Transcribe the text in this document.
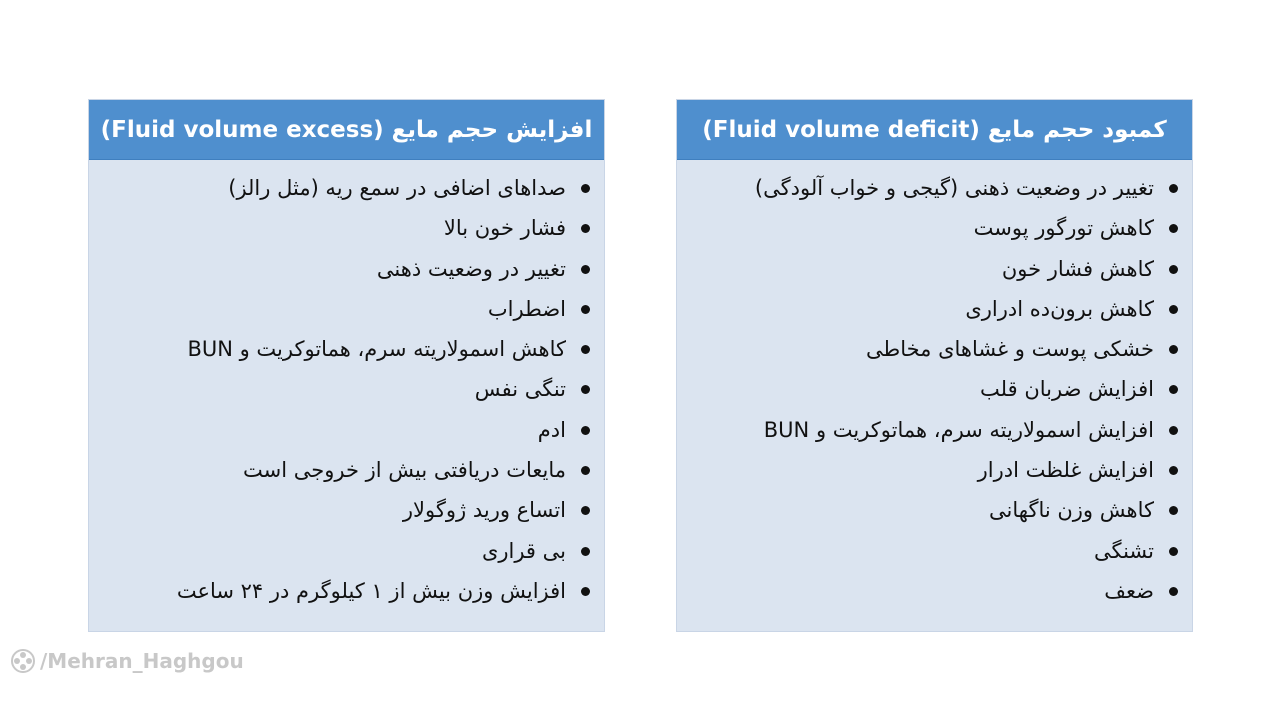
افزایش حجم مایع (Fluid volume excess)
صداهای اضافی در سمع ریه (مثل رالز)
فشار خون بالا
تغییر در وضعیت ذهنی
اضطراب
کاهش اسمولاریته سرم، هماتوکریت و BUN
تنگی نفس
ادم
مایعات دریافتی بیش از خروجی است
اتساع ورید ژوگولار
بی قراری
افزایش وزن بیش از ۱ کیلوگرم در ۲۴ ساعت
کمبود حجم مایع (Fluid volume deficit)
تغییر در وضعیت ذهنی (گیجی و خواب آلودگی)
کاهش تورگور پوست
کاهش فشار خون
کاهش برون‌ده ادراری
خشکی پوست و غشاهای مخاطی
افزایش ضربان قلب
افزایش اسمولاریته سرم، هماتوکریت و BUN
افزایش غلظت ادرار
کاهش وزن ناگهانی
تشنگی
ضعف
/Mehran_Haghgou
